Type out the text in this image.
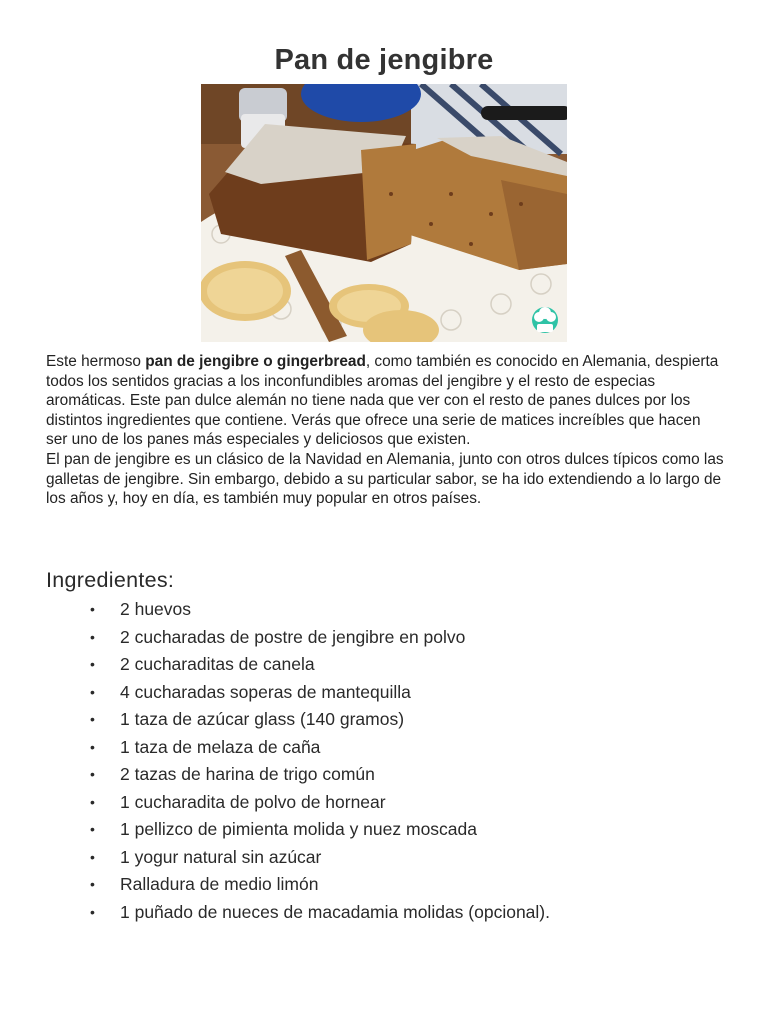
Pan de jengibre

Este hermoso pan de jengibre o gingerbread, como también es conocido en Alemania, despierta todos los sentidos gracias a los inconfundibles aromas del jengibre y el resto de especias aromáticas. Este pan dulce alemán no tiene nada que ver con el resto de panes dulces por los distintos ingredientes que contiene. Verás que ofrece una serie de matices increíbles que hacen ser uno de los panes más especiales y deliciosos que existen.

El pan de jengibre es un clásico de la Navidad en Alemania, junto con otros dulces típicos como las galletas de jengibre. Sin embargo, debido a su particular sabor, se ha ido extendiendo a lo largo de los años y, hoy en día, es también muy popular en otros países.

Ingredientes:
• 2 huevos
• 2 cucharadas de postre de jengibre en polvo
• 2 cucharaditas de canela
• 4 cucharadas soperas de mantequilla
• 1 taza de azúcar glass (140 gramos)
• 1 taza de melaza de caña
• 2 tazas de harina de trigo común
• 1 cucharadita de polvo de hornear
• 1 pellizco de pimienta molida y nuez moscada
• 1 yogur natural sin azúcar
• Ralladura de medio limón
• 1 puñado de nueces de macadamia molidas (opcional).
